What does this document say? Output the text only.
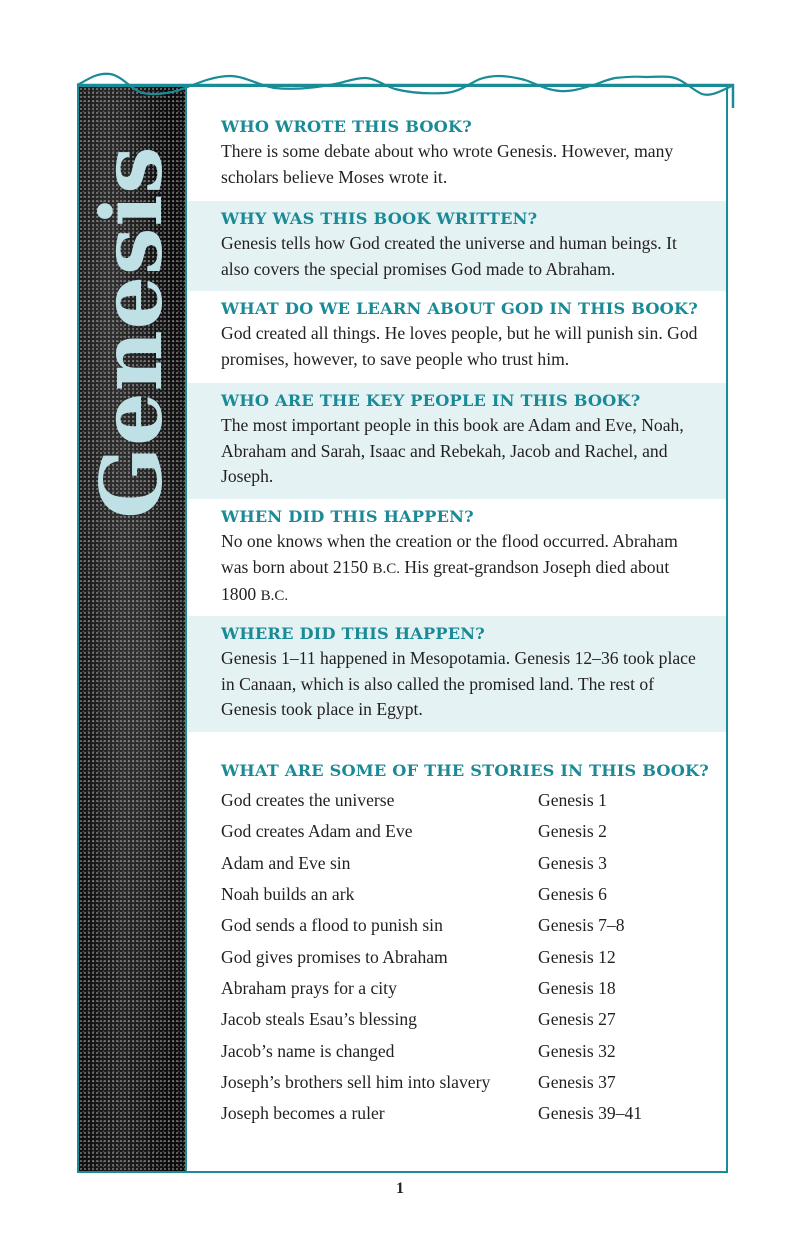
Genesis
WHO WROTE THIS BOOK?

There is some debate about who wrote Genesis. However, many scholars believe Moses wrote it.

WHY WAS THIS BOOK WRITTEN?

Genesis tells how God created the universe and human beings. It also covers the special promises God made to Abraham.

WHAT DO WE LEARN ABOUT GOD IN THIS BOOK?

God created all things. He loves people, but he will punish sin. God promises, however, to save people who trust him.

WHO ARE THE KEY PEOPLE IN THIS BOOK?

The most important people in this book are Adam and Eve, Noah, Abraham and Sarah, Isaac and Rebekah, Jacob and Rachel, and Joseph.

WHEN DID THIS HAPPEN?

No one knows when the creation or the flood occurred. Abraham was born about 2150 B.C. His great-grandson Joseph died about 1800 B.C.

WHERE DID THIS HAPPEN?

Genesis 1–11 happened in Mesopotamia. Genesis 12–36 took place in Canaan, which is also called the promised land. The rest of Genesis took place in Egypt.

WHAT ARE SOME OF THE STORIES IN THIS BOOK?
God creates the universe	Genesis 1
God creates Adam and Eve	Genesis 2
Adam and Eve sin	Genesis 3
Noah builds an ark	Genesis 6
God sends a flood to punish sin	Genesis 7–8
God gives promises to Abraham	Genesis 12
Abraham prays for a city	Genesis 18
Jacob steals Esau’s blessing	Genesis 27
Jacob’s name is changed	Genesis 32
Joseph’s brothers sell him into slavery	Genesis 37
Joseph becomes a ruler	Genesis 39–41
1
